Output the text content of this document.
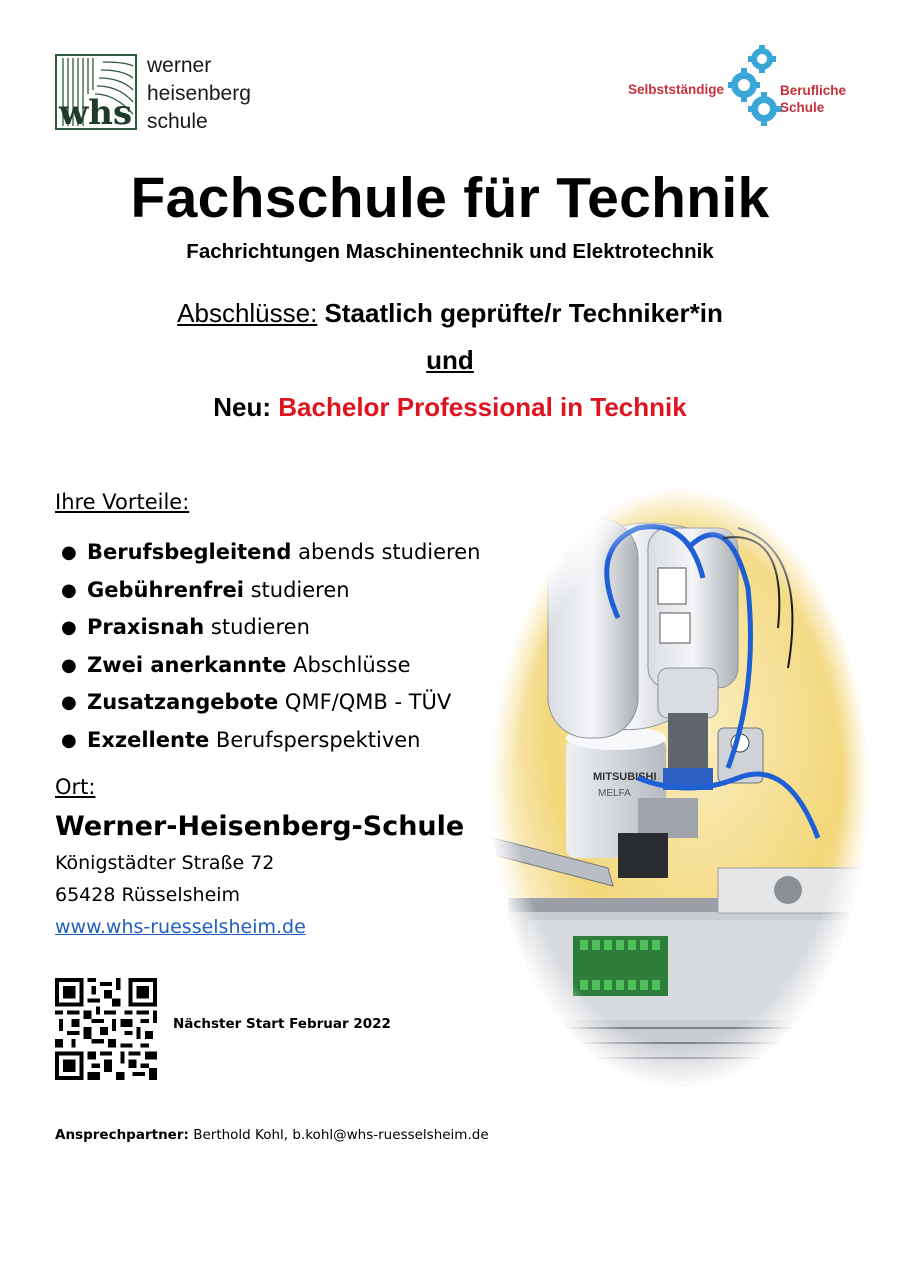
whs
werner
heisenberg
schule
Selbstständige	Berufliche
Schule
Fachschule für Technik
Fachrichtungen Maschinentechnik und Elektrotechnik
Abschlüsse: Staatlich geprüfte/r Techniker*in
und
Neu: Bachelor Professional in Technik
Ihre Vorteile:
● Berufsbegleitend abends studieren
● Gebührenfrei studieren
● Praxisnah studieren
● Zwei anerkannte Abschlüsse
● Zusatzangebote QMF/QMB - TÜV
● Exzellente Berufsperspektiven
Ort:
Werner-Heisenberg-Schule
Königstädter Straße 72
65428 Rüsselsheim
www.whs-ruesselsheim.de
Nächster Start Februar 2022
Ansprechpartner: Berthold Kohl, b.kohl@whs-ruesselsheim.de
